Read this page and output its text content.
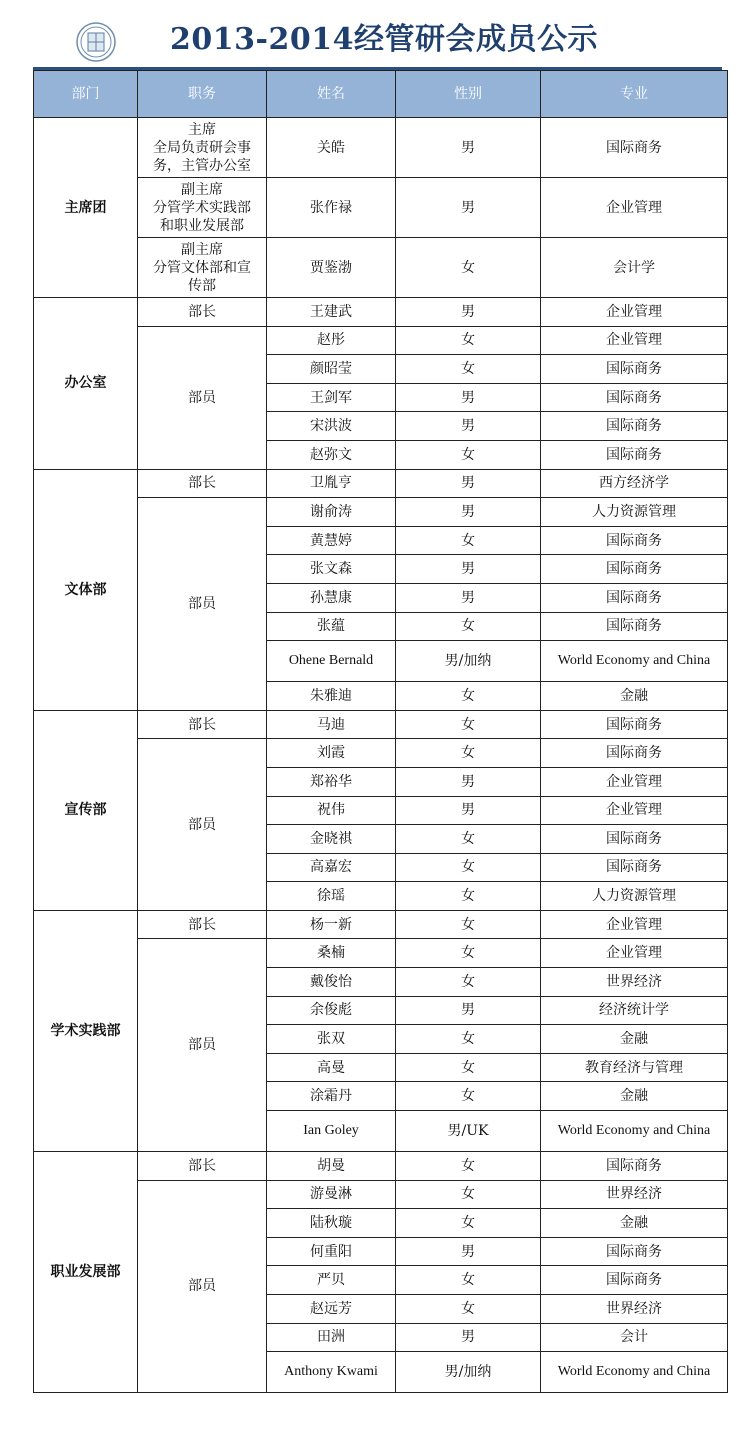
2013-2014经管研会成员公示
部门	职务	姓名	性别	专业
主席团	主席
全局负责研会事
务，主管办公室	关皓	男	国际商务

	副主席
分管学术实践部
和职业发展部	张作禄	男	企业管理

	副主席
分管文体部和宣
传部	贾鉴渤	女	会计学
办公室	部长	王建武	男	企业管理

	部员	赵彤	女	企业管理
		颜昭莹	女	国际商务
		王剑军	男	国际商务
		宋洪波	男	国际商务
		赵弥文	女	国际商务
文体部	部长	卫胤亨	男	西方经济学

	部员	谢俞涛	男	人力资源管理
		黄慧婷	女	国际商务
		张文森	男	国际商务
		孙慧康	男	国际商务
		张蕴	女	国际商务
		Ohene Bernald	男/加纳	World Economy and China
		朱雅迪	女	金融
宣传部	部长	马迪	女	国际商务

	部员	刘霞	女	国际商务
		郑裕华	男	企业管理
		祝伟	男	企业管理
		金晓祺	女	国际商务
		高嘉宏	女	国际商务
		徐瑶	女	人力资源管理
学术实践部	部长	杨一新	女	企业管理

	部员	桑楠	女	企业管理
		戴俊怡	女	世界经济
		余俊彪	男	经济统计学
		张双	女	金融
		高曼	女	教育经济与管理
		涂霜丹	女	金融
		Ian Goley	男/UK	World Economy and China
职业发展部	部长	胡曼	女	国际商务

	部员	游曼淋	女	世界经济
		陆秋璇	女	金融
		何重阳	男	国际商务
		严贝	女	国际商务
		赵远芳	女	世界经济
		田洲	男	会计
		Anthony Kwami	男/加纳	World Economy and China
